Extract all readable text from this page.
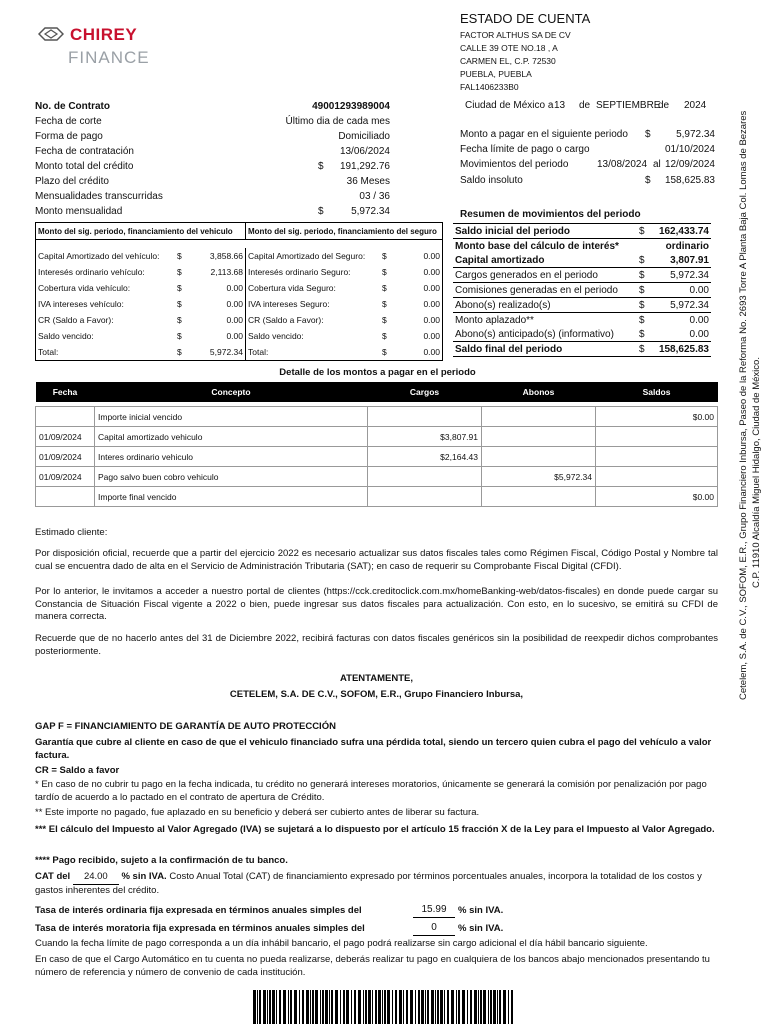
CHIREY
FINANCE
ESTADO DE CUENTA
FACTOR ALTHUS SA DE CV
CALLE 39 OTE NO.18 , A
CARMEN EL, C.P. 72530
PUEBLA, PUEBLA
FAL1406233B0
Ciudad de México a 13 de SEPTIEMBRE
de 2024
No. de Contrato	49001293989004
Fecha de corte	Último dia de cada mes
Forma de pago	Domiciliado
Fecha de contratación	13/06/2024
Monto total del crédito	$	191,292.76
Plazo del crédito	36 Meses
Mensualidades transcurridas	03 / 36
Monto mensualidad	$	5,972.34
Monto a pagar en el siguiente periodo $	5,972.34
Fecha límite de pago o cargo	01/10/2024
Movimientos del periodo	13/08/2024 al 12/09/2024
Saldo insoluto	$	158,625.83
Monto del sig. periodo, financiamiento del vehiculo			Monto del sig. periodo, financiamiento del seguro		

Capital Amortizado del vehículo:	$	3,858.66	Capital Amortizado del Seguro:	$	0.00
Interesés ordinario vehículo:	$	2,113.68	Interesés ordinario Seguro:	$	0.00
Cobertura vida vehículo:	$	0.00	Cobertura vida Seguro:	$	0.00
IVA intereses vehículo:	$	0.00	IVA intereses Seguro:	$	0.00
CR (Saldo a Favor):	$	0.00	CR (Saldo a Favor):	$	0.00
Saldo vencido:	$	0.00	Saldo vencido:	$	0.00
Total:	$	5,972.34	Total:	$	0.00
Resumen de movimientos del periodo
Saldo inicial del periodo	$	162,433.74
Monto base del cálculo de interés*		ordinario
Capital amortizado	$	3,807.91
Cargos generados en el periodo	$	5,972.34
Comisiones generadas en el periodo	$	0.00
Abono(s) realizado(s)	$	5,972.34
Monto aplazado**	$	0.00
Abono(s) anticipado(s) (informativo)	$	0.00
Saldo final del periodo	$	158,625.83
Detalle de los montos a pagar en el periodo
Fecha	Concepto	Cargos	Abonos	Saldos

	Importe inicial vencido			$0.00
01/09/2024	Capital amortizado vehiculo	$3,807.91		
01/09/2024	Interes ordinario vehiculo	$2,164.43		
01/09/2024	Pago salvo buen cobro vehiculo		$5,972.34	
	Importe final vencido			$0.00
Estimado cliente:
Por disposición oficial, recuerde que a partir del ejercicio 2022 es necesario actualizar sus datos fiscales tales como Régimen Fiscal, Código Postal y Nombre tal cual se encuentra dado de alta en el Servicio de Administración Tributaria (SAT); en caso de requerir su Comprobante Fiscal Digital (CFDI).
Por lo anterior, le invitamos a acceder a nuestro portal de clientes (https://cck.creditoclick.com.mx/homeBanking-web/datos-fiscales) en donde puede cargar su Constancia de Situación Fiscal vigente a 2022 o bien, puede ingresar sus datos fiscales para actualización. Con esto, en lo sucesivo, se emitirá su CFDI de manera correcta.
Recuerde que de no hacerlo antes del 31 de Diciembre 2022, recibirá facturas con datos fiscales genéricos sin la posibilidad de reexpedir dichos comprobantes posteriormente.
ATENTAMENTE,
CETELEM, S.A. DE C.V., SOFOM, E.R., Grupo Financiero Inbursa,
GAP F = FINANCIAMIENTO DE GARANTÍA DE AUTO PROTECCIÓN
Garantía que cubre al cliente en caso de que el vehiculo financiado sufra una pérdida total, siendo un tercero quien cubra el pago del vehículo a valor factura.
CR = Saldo a favor
* En caso de no cubrir tu pago en la fecha indicada, tu crédito no generará intereses moratorios, únicamente se generará la comisión por penalización por pago tardío de acuerdo a lo pactado en el contrato de apertura de Crédito.
** Este importe no pagado, fue aplazado en su beneficio y deberá ser cubierto antes de liberar su factura.
*** El cálculo del Impuesto al Valor Agregado (IVA) se sujetará a lo dispuesto por el artículo 15 fracción X de la Ley para el Impuesto al Valor Agregado.
**** Pago recibido, sujeto a la confirmación de tu banco.
CAT del 24.00 % sin IVA. Costo Anual Total (CAT) de financiamiento expresado por términos porcentuales anuales, incorpora la totalidad de los costos y gastos inherentes del crédito.
Tasa de interés ordinaria fija expresada en términos anuales simples del	15.99	% sin IVA.
Tasa de interés moratoria fija expresada en términos anuales simples del	0	% sin IVA.
Cuando la fecha límite de pago corresponda a un día inhábil bancario, el pago podrá realizarse sin cargo adicional el día hábil bancario siguiente.
En caso de que el Cargo Automático en tu cuenta no pueda realizarse, deberás realizar tu pago en cualquiera de los bancos abajo mencionados presentando tu número de referencia y número de convenio de cada institución.
Cetelem, S.A. de C.V., SOFOM, E.R., Grupo Financiero Inbursa, Paseo de la Reforma No. 2693 Torre A Planta Baja Col. Lomas de Bezares C.P. 11910 Alcaldía Miguel Hidalgo, Ciudad de México.
